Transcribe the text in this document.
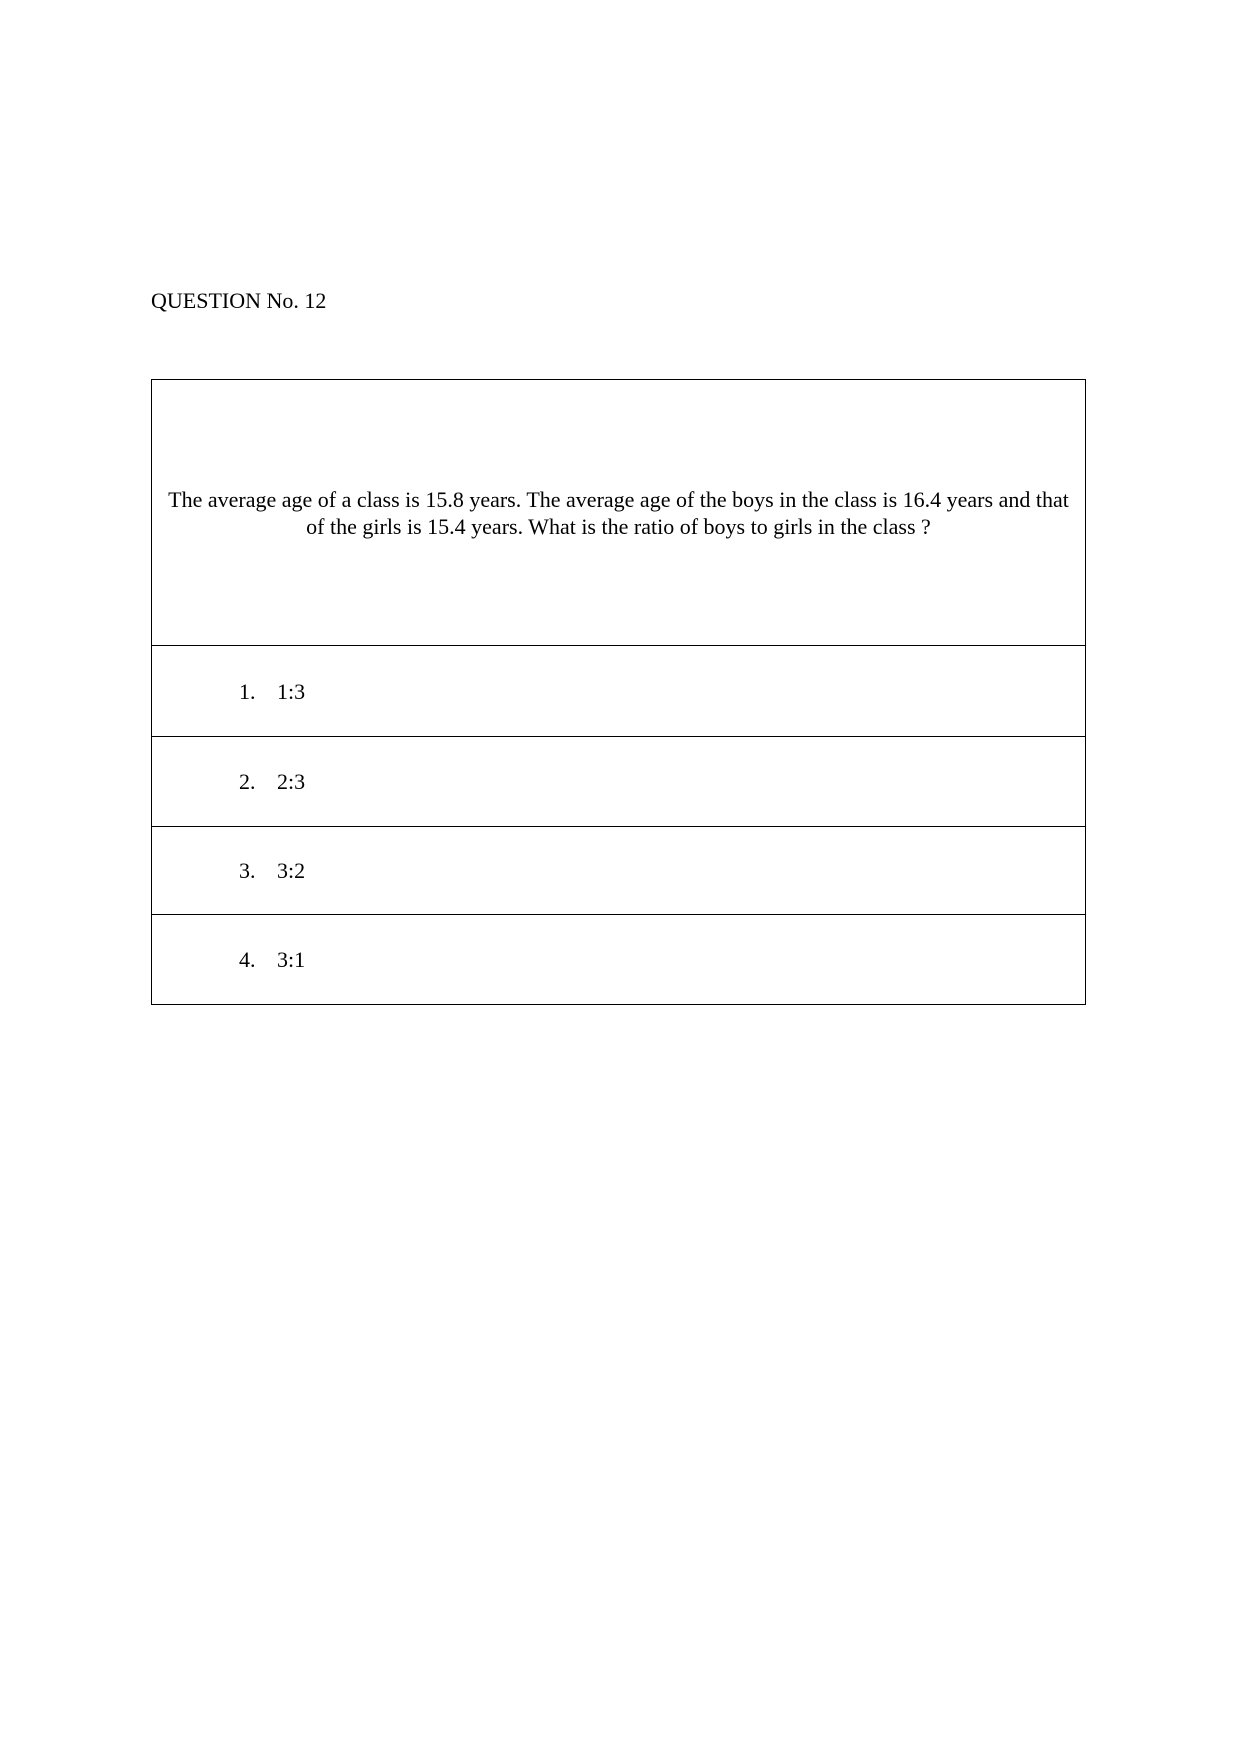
QUESTION No. 12
The average age of a class is 15.8 years. The average age of the boys in the class is 16.4 years and that of the girls is 15.4 years. What is the ratio of boys to girls in the class ?
1. 1:3
2. 2:3
3. 3:2
4. 3:1
